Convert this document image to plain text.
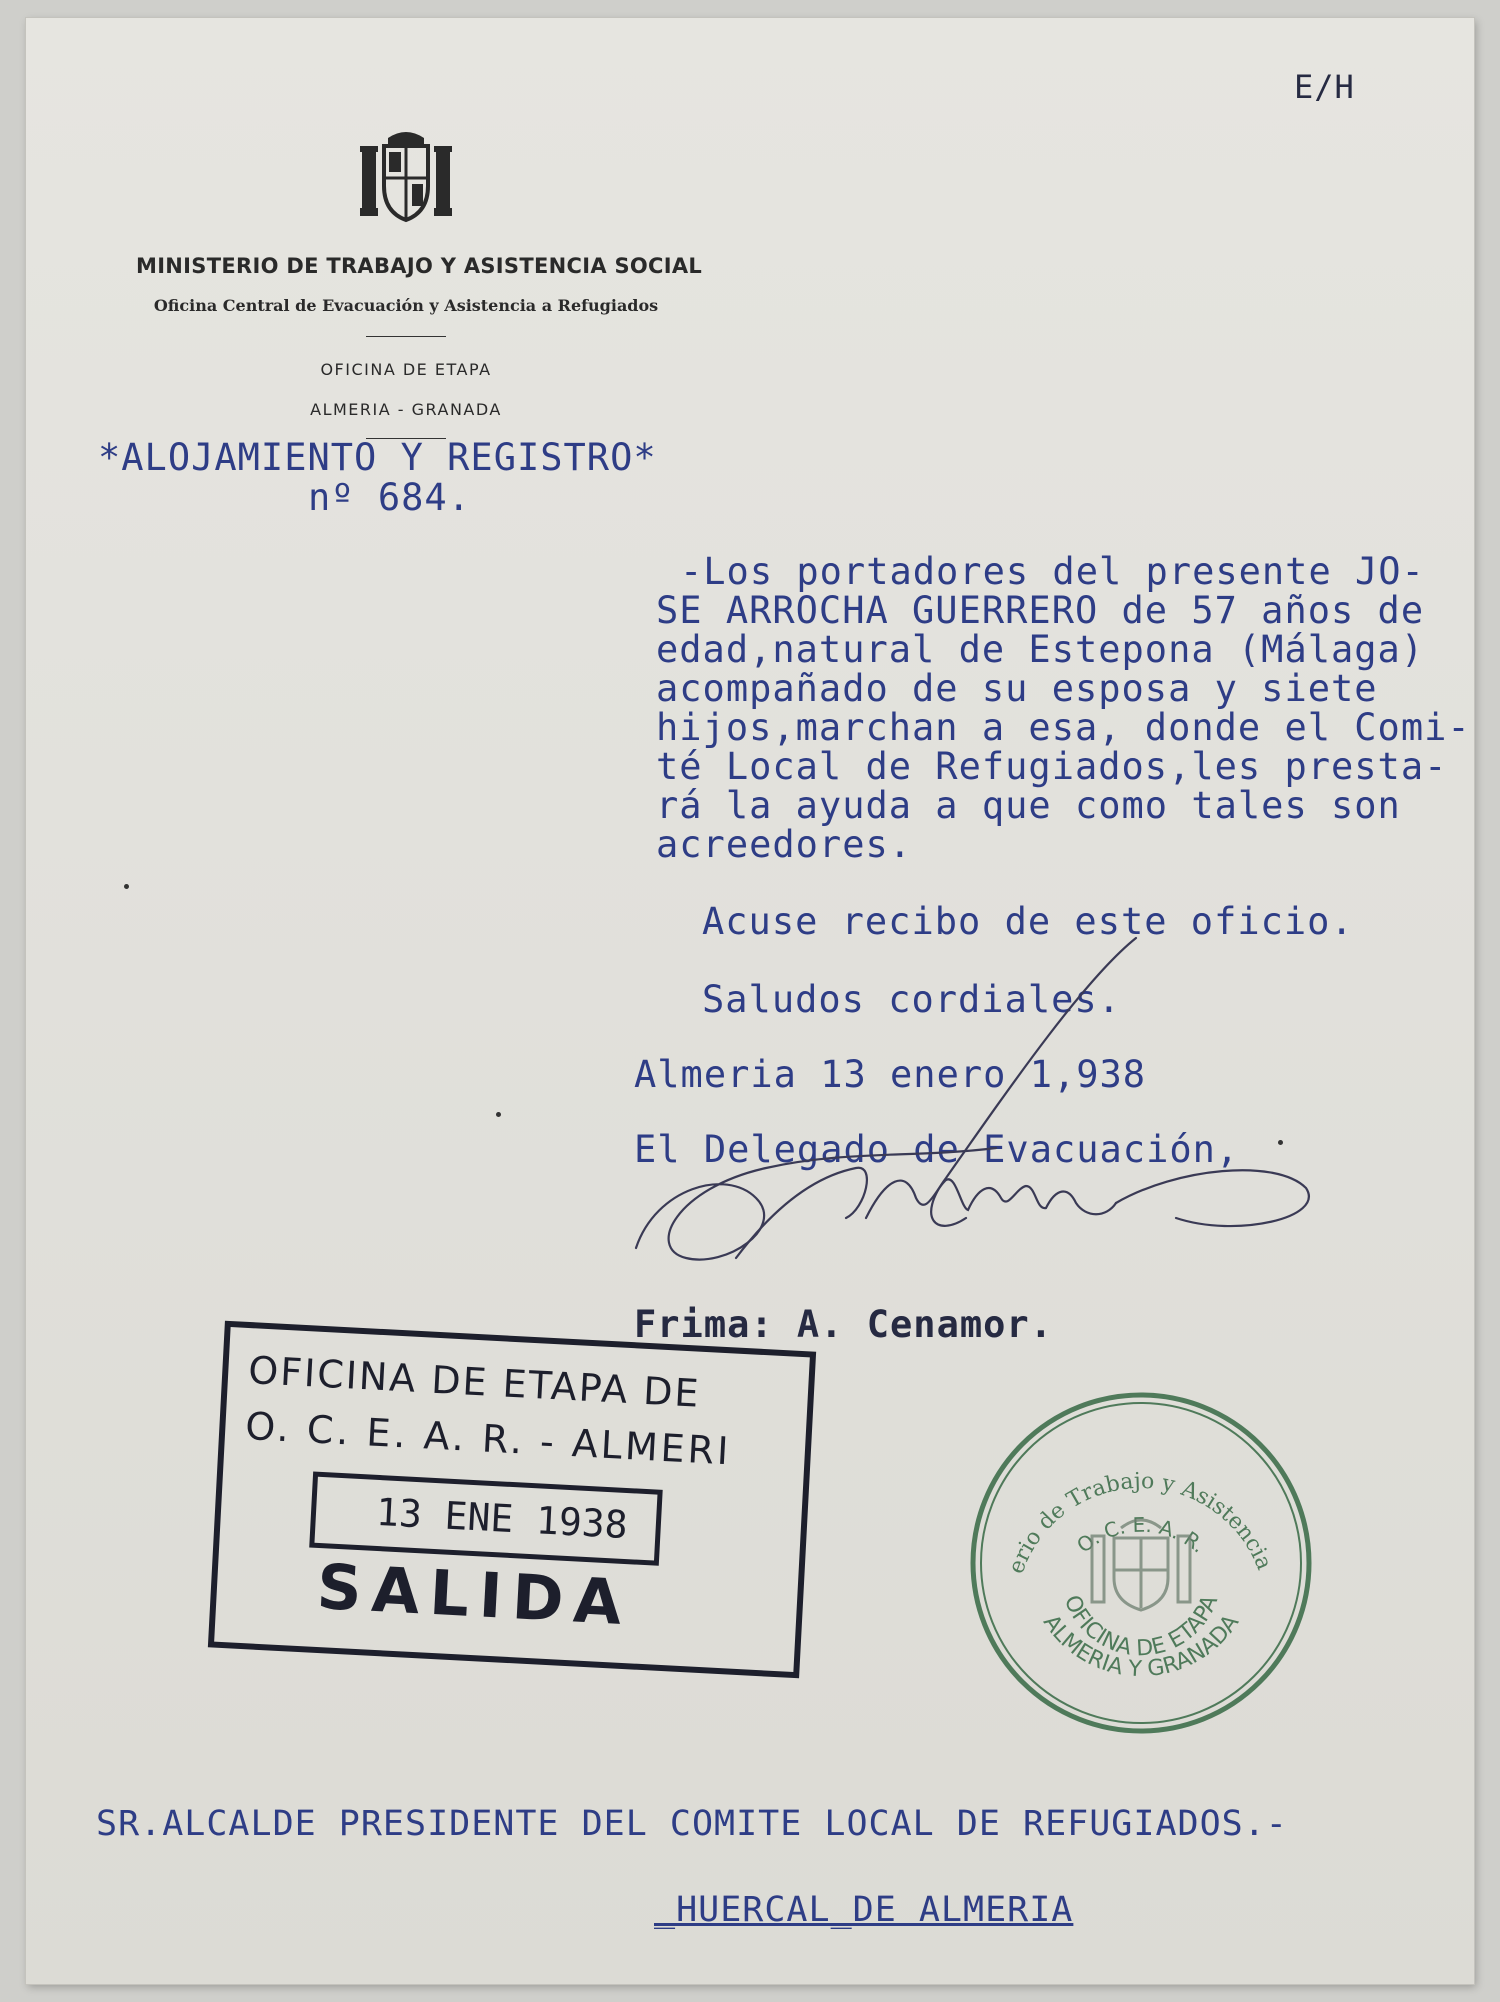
E/H
MINISTERIO DE TRABAJO Y ASISTENCIA SOCIAL
Oficina Central de Evacuación y Asistencia a Refugiados
OFICINA DE ETAPA
ALMERIA - GRANADA
*ALOJAMIENTO Y REGISTRO*
nº 684.
-Los portadores del presente JO-
SE ARROCHA GUERRERO de 57 años de
edad,natural de Estepona (Málaga)
acompañado de su esposa y siete
hijos,marchan a esa, donde el Comi-
té Local de Refugiados,les presta-
rá la ayuda a que como tales son
acreedores.
Acuse recibo de este oficio.
Saludos cordiales.
Almeria 13 enero 1,938
El Delegado de Evacuación,
Frima: A. Cenamor.
OFICINA DE ETAPA DE
O. C. E. A. R. - ALMERI
13 ENE 1938
SALIDA	erio de Trabajo y Asistencia
O. C. E. A. R.
OFICINA DE ETAPA
ALMERIA Y GRANADA
SR.ALCALDE PRESIDENTE DEL COMITE LOCAL DE REFUGIADOS.-
_HUERCAL_DE ALMERIA
